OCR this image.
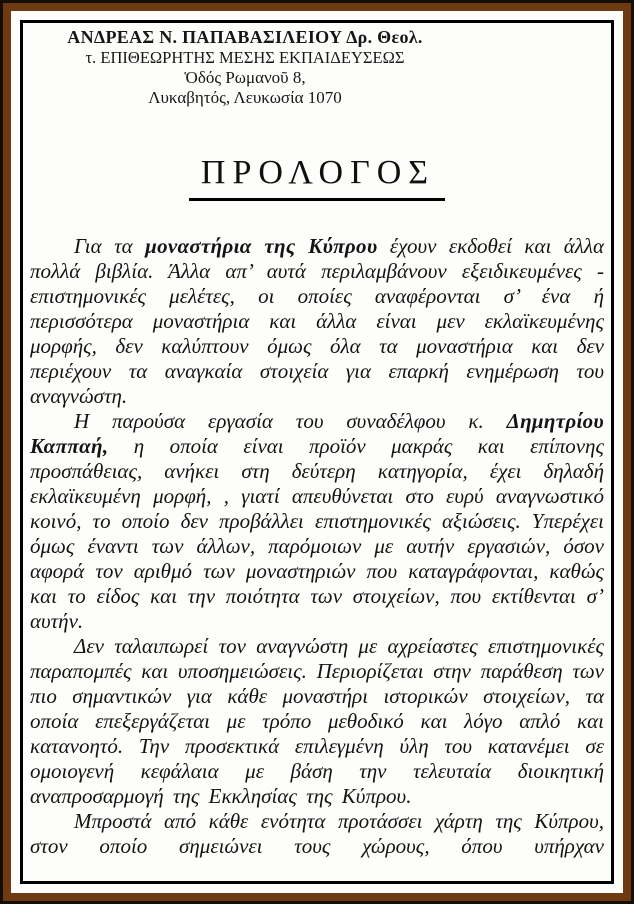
ΑΝΔΡΕΑΣ Ν. ΠΑΠΑΒΑΣΙΛΕΙΟΥ Δρ. Θεολ.
τ. ΕΠΙΘΕΩΡΗΤΗΣ ΜΕΣΗΣ ΕΚΠΑΙΔΕΥΣΕΩΣ
Ὁδός Ρωμανοῦ 8,
Λυκαβητός, Λευκωσία 1070
ΠΡΟΛΟΓΟΣ

Για τα μοναστήρια της Κύπρου έχουν εκδοθεί και άλλα πολλά βιβλία. Άλλα απ’ αυτά περιλαμβάνουν εξειδικευμένες - επιστημονικές μελέτες, οι οποίες αναφέρονται σ’ ένα ή περισσότερα μοναστήρια και άλλα είναι μεν εκλαϊκευμένης μορφής, δεν καλύπτουν όμως όλα τα μοναστήρια και δεν περιέχουν τα αναγκαία στοιχεία για επαρκή ενημέρωση του αναγνώστη.

Η παρούσα εργασία του συναδέλφου κ. Δημητρίου Καππαή, η οποία είναι προϊόν μακράς και επίπονης προσπάθειας, ανήκει στη δεύτερη κατηγορία, έχει δηλαδή εκλαϊκευμένη μορφή, , γιατί απευθύνεται στο ευρύ αναγνωστικό κοινό, το οποίο δεν προβάλλει επιστημονικές αξιώσεις. Υπερέχει όμως έναντι των άλλων, παρόμοιων με αυτήν εργασιών, όσον αφορά τον αριθμό των μοναστηριών που καταγράφονται, καθώς και το είδος και την ποιότητα των στοιχείων, που εκτίθενται σ’ αυτήν.

Δεν ταλαιπωρεί τον αναγνώστη με αχρείαστες επιστημονικές παραπομπές και υποσημειώσεις. Περιορίζεται στην παράθεση των πιο σημαντικών για κάθε μοναστήρι ιστορικών στοιχείων, τα οποία επεξεργάζεται με τρόπο μεθοδικό και λόγο απλό και κατανοητό. Την προσεκτικά επιλεγμένη ύλη του κατανέμει σε ομοιογενή κεφάλαια με βάση την τελευταία διοικητική αναπροσαρμογή της Εκκλησίας της Κύπρου.

Μπροστά από κάθε ενότητα προτάσσει χάρτη της Κύπρου, στον οποίο σημειώνει τους χώρους, όπου υπήρχαν
